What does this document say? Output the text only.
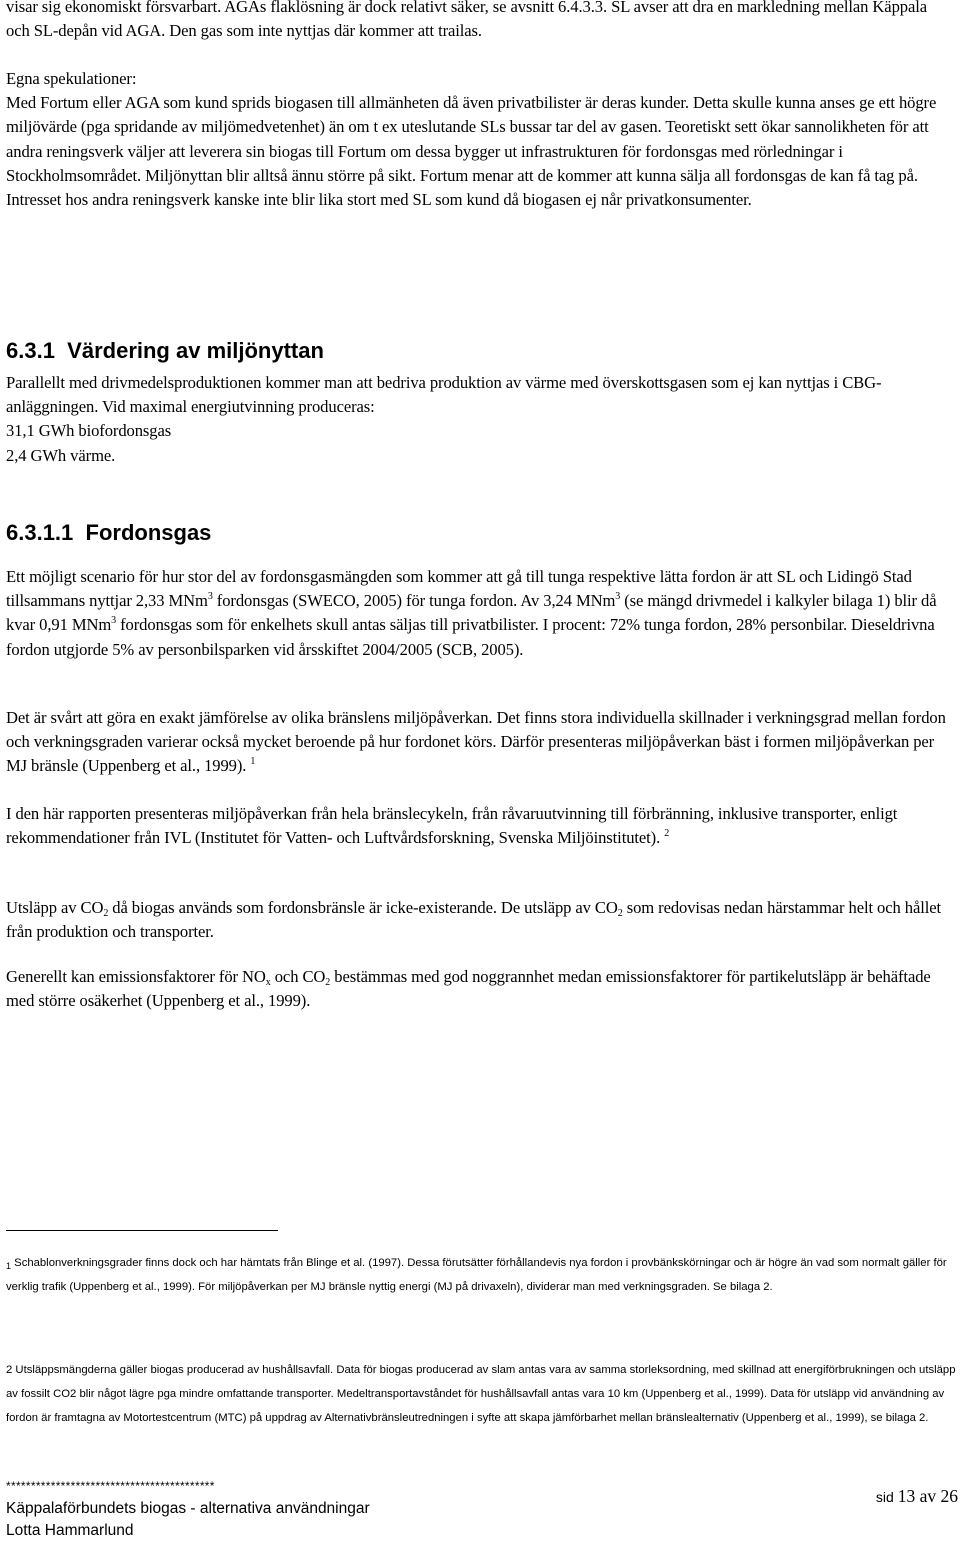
visar sig ekonomiskt försvarbart. AGAs flaklösning är dock relativt säker, se avsnitt 6.4.3.3. SL avser att dra en markledning mellan Käppala och SL-depån vid AGA. Den gas som inte nyttjas där kommer att trailas.

Egna spekulationer:
Med Fortum eller AGA som kund sprids biogasen till allmänheten då även privatbilister är deras kunder. Detta skulle kunna anses ge ett högre miljövärde (pga spridande av miljömedvetenhet) än om t ex uteslutande SLs bussar tar del av gasen. Teoretiskt sett ökar sannolikheten för att andra reningsverk väljer att leverera sin biogas till Fortum om dessa bygger ut infrastrukturen för fordonsgas med rörledningar i Stockholmsområdet. Miljönyttan blir alltså ännu större på sikt. Fortum menar att de kommer att kunna sälja all fordonsgas de kan få tag på. Intresset hos andra reningsverk kanske inte blir lika stort med SL som kund då biogasen ej når privatkonsumenter.

6.3.1 Värdering av miljönyttan

Parallellt med drivmedelsproduktionen kommer man att bedriva produktion av värme med överskottsgasen som ej kan nyttjas i CBG-anläggningen. Vid maximal energiutvinning produceras:
31,1 GWh biofordonsgas
2,4 GWh värme.

6.3.1.1 Fordonsgas

Ett möjligt scenario för hur stor del av fordonsgasmängden som kommer att gå till tunga respektive lätta fordon är att SL och Lidingö Stad tillsammans nyttjar 2,33 MNm$^3$ fordonsgas (SWECO, 2005) för tunga fordon. Av 3,24 MNm$^3$ (se mängd drivmedel i kalkyler bilaga 1) blir då kvar 0,91 MNm$^3$ fordonsgas som för enkelhets skull antas säljas till privatbilister. I procent: 72% tunga fordon, 28% personbilar. Dieseldrivna fordon utgjorde 5% av personbilsparken vid årsskiftet 2004/2005 (SCB, 2005).

Det är svårt att göra en exakt jämförelse av olika bränslens miljöpåverkan. Det finns stora individuella skillnader i verkningsgrad mellan fordon och verkningsgraden varierar också mycket beroende på hur fordonet körs. Därför presenteras miljöpåverkan bäst i formen miljöpåverkan per MJ bränsle (Uppenberg et al., 1999). $^1$

I den här rapporten presenteras miljöpåverkan från hela bränslecykeln, från råvaruutvinning till förbränning, inklusive transporter, enligt rekommendationer från IVL (Institutet för Vatten- och Luftvårdsforskning, Svenska Miljöinstitutet). $^2$

Utsläpp av $CO_2$ då biogas används som fordonsbränsle är icke-existerande. De utsläpp av $CO_2$ som redovisas nedan härstammar helt och hållet från produktion och transporter.

Generellt kan emissionsfaktorer för $NO_x$ och $CO_2$ bestämmas med god noggrannhet medan emissionsfaktorer för partikelutsläpp är behäftade med större osäkerhet (Uppenberg et al., 1999).

$_1$ Schablonverkningsgrader finns dock och har hämtats från Blinge et al. (1997). Dessa förutsätter förhållandevis nya fordon i provbänkskörningar och är högre än vad som normalt gäller för verklig trafik (Uppenberg et al., 1999). För miljöpåverkan per MJ bränsle nyttig energi (MJ på drivaxeln), dividerar man med verkningsgraden. Se bilaga 2.

2 Utsläppsmängderna gäller biogas producerad av hushållsavfall. Data för biogas producerad av slam antas vara av samma storleksordning, med skillnad att energiförbrukningen och utsläpp av fossilt CO2 blir något lägre pga mindre omfattande transporter. Medeltransportavståndet för hushållsavfall antas vara 10 km (Uppenberg et al., 1999). Data för utsläpp vid användning av fordon är framtagna av Motortestcentrum (MTC) på uppdrag av Alternativbränsleutredningen i syfte att skapa jämförbarhet mellan bränslealternativ (Uppenberg et al., 1999), se bilaga 2.

******************************************
Käppalaförbundets biogas - alternativa användningar
Lotta Hammarlund
sid 13 av 26
